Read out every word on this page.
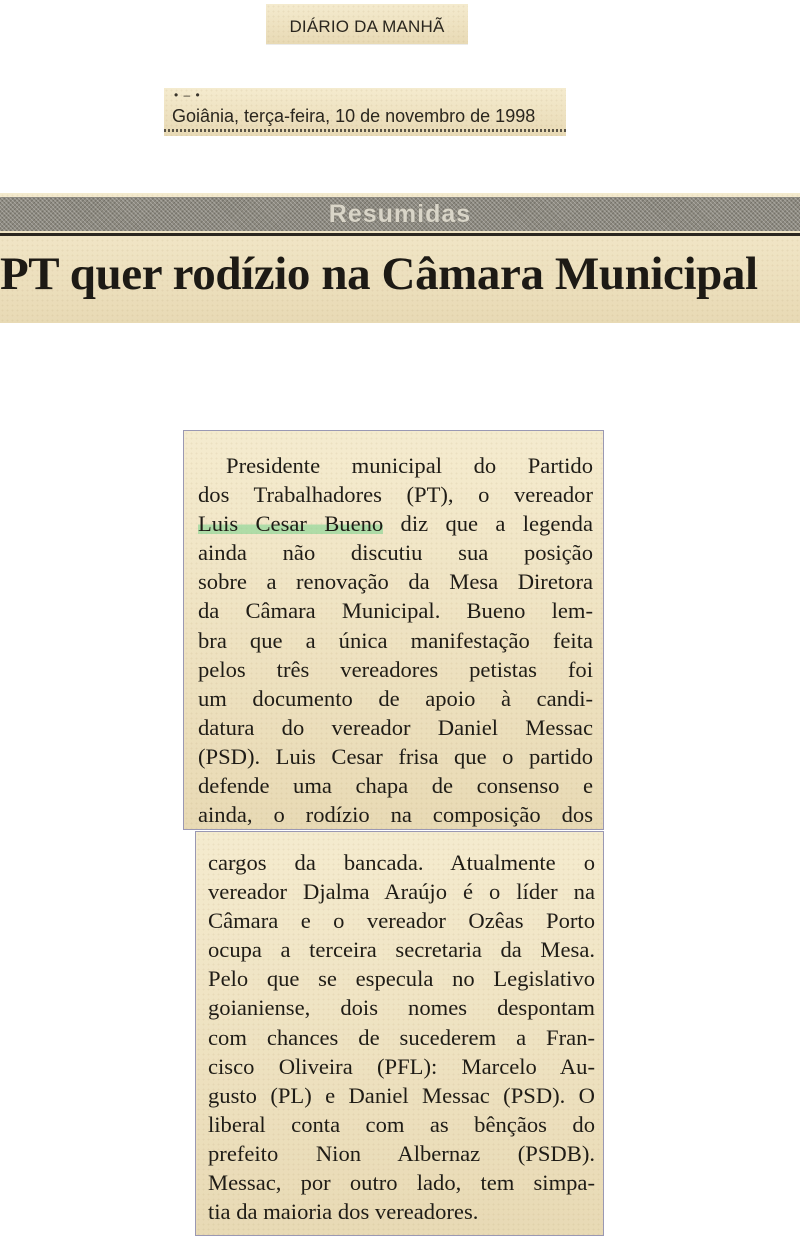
DIÁRIO DA MANHÃ
• ‒ •
Goiânia, terça-feira, 10 de novembro de 1998
Resumidas
PT quer rodízio na Câmara Municipal
Presidente municipal do Partido
dos Trabalhadores (PT), o vereador
Luis Cesar Bueno diz que a legenda
ainda não discutiu sua posição
sobre a renovação da Mesa Diretora
da Câmara Municipal. Bueno lem-
bra que a única manifestação feita
pelos três vereadores petistas foi
um documento de apoio à candi-
datura do vereador Daniel Messac
(PSD). Luis Cesar frisa que o partido
defende uma chapa de consenso e
ainda, o rodízio na composição dos
cargos da bancada. Atualmente o
vereador Djalma Araújo é o líder na
Câmara e o vereador Ozêas Porto
ocupa a terceira secretaria da Mesa.
Pelo que se especula no Legislativo
goianiense, dois nomes despontam
com chances de sucederem a Fran-
cisco Oliveira (PFL): Marcelo Au-
gusto (PL) e Daniel Messac (PSD). O
liberal conta com as bênçãos do
prefeito Nion Albernaz (PSDB).
Messac, por outro lado, tem simpa-
tia da maioria dos vereadores.
